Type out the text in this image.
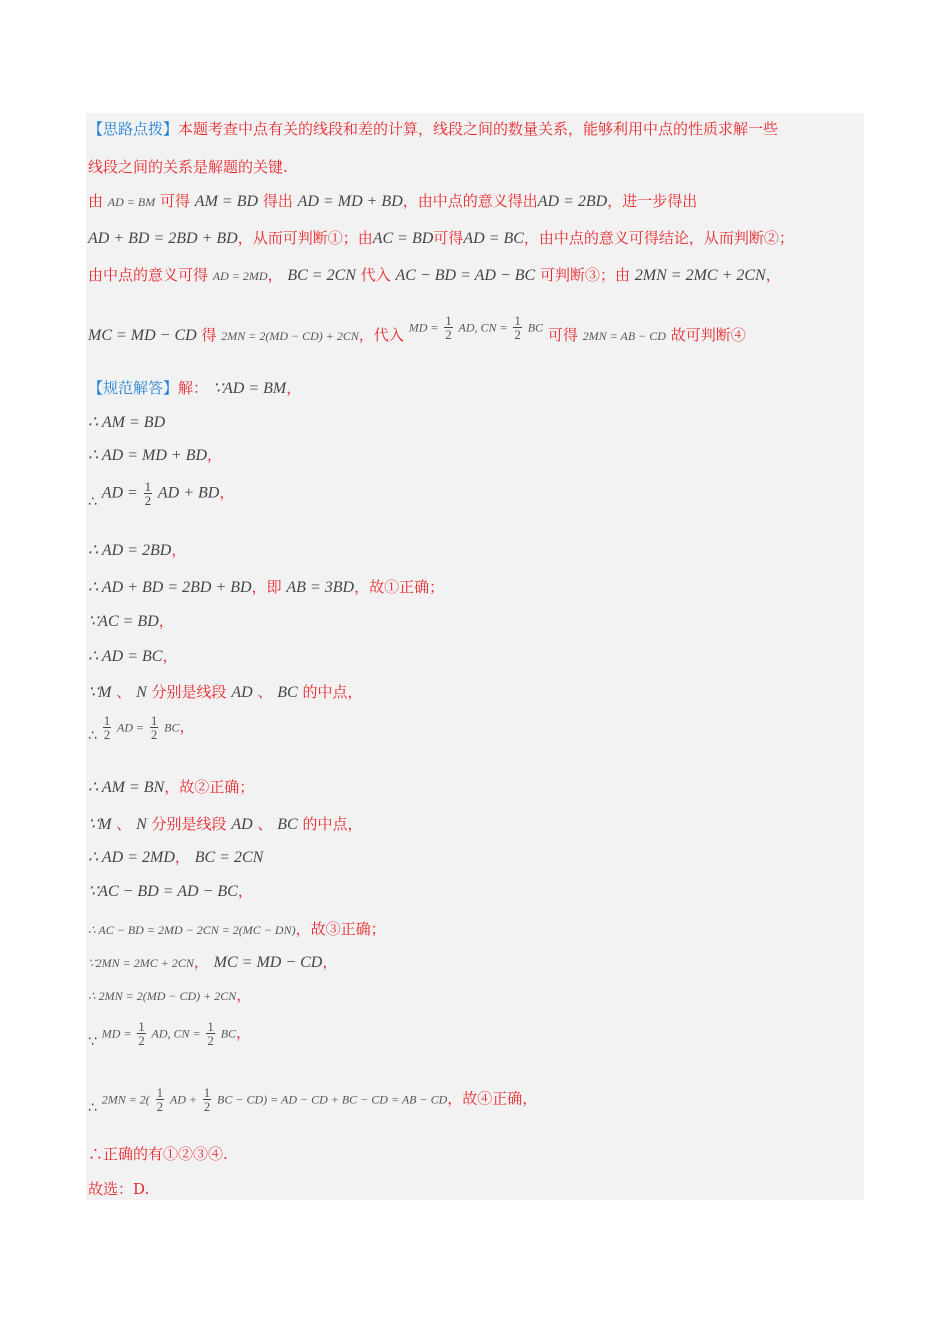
【思路点拨】本题考查中点有关的线段和差的计算，线段之间的数量关系，能够利用中点的性质求解一些
线段之间的关系是解题的关键.
由 AD = BM 可得 AM = BD 得出 AD = MD + BD，由中点的意义得出AD = 2BD，进一步得出
AD + BD = 2BD + BD，从而可判断①；由AC = BD可得AD = BC，由中点的意义可得结论，从而判断②；
由中点的意义可得 AD = 2MD， BC = 2CN 代入 AC − BD = AD − BC 可判断③；由 2MN = 2MC + 2CN，
MC = MD − CD 得 $_{2MN = 2(MD - CD) + 2CN}$，代入 MD = $\frac{1}{2}$ AD, CN = $\frac{1}{2}$ BC 可得 $_{2MN = AB - CD}$ 故可判断④
【规范解答】解： ∵AD = BM，
∴ AM = BD
∴ AD = MD + BD，
∴ AD = $\frac{1}{2}$ AD + BD，
∴ AD = 2BD，
∴ AD + BD = 2BD + BD，即 AB = 3BD，故①正确；
∵AC = BD，
∴ AD = BC，
∵M 、 N 分别是线段 AD 、 BC 的中点，
∴ $\frac{1}{2}$ AD = $\frac{1}{2}$ BC，
∴ AM = BN，故②正确；
∵M 、 N 分别是线段 AD 、 BC 的中点，
∴ AD = 2MD， BC = 2CN
∵AC − BD = AD − BC，
∴ AC − BD = 2MD − 2CN = 2(MC − DN)，故③正确；
∵2MN = 2MC + 2CN， MC = MD − CD，
∴ 2MN = 2(MD − CD) + 2CN，
∵ MD = $\frac{1}{2}$ AD, CN = $\frac{1}{2}$ BC，
∴ $2MN = 2( \frac{1}{2}$ AD + $\frac{1}{2}$ BC − CD) = AD − CD + BC − CD = AB − CD，故④正确，
∴正确的有①②③④.
故选：D.
